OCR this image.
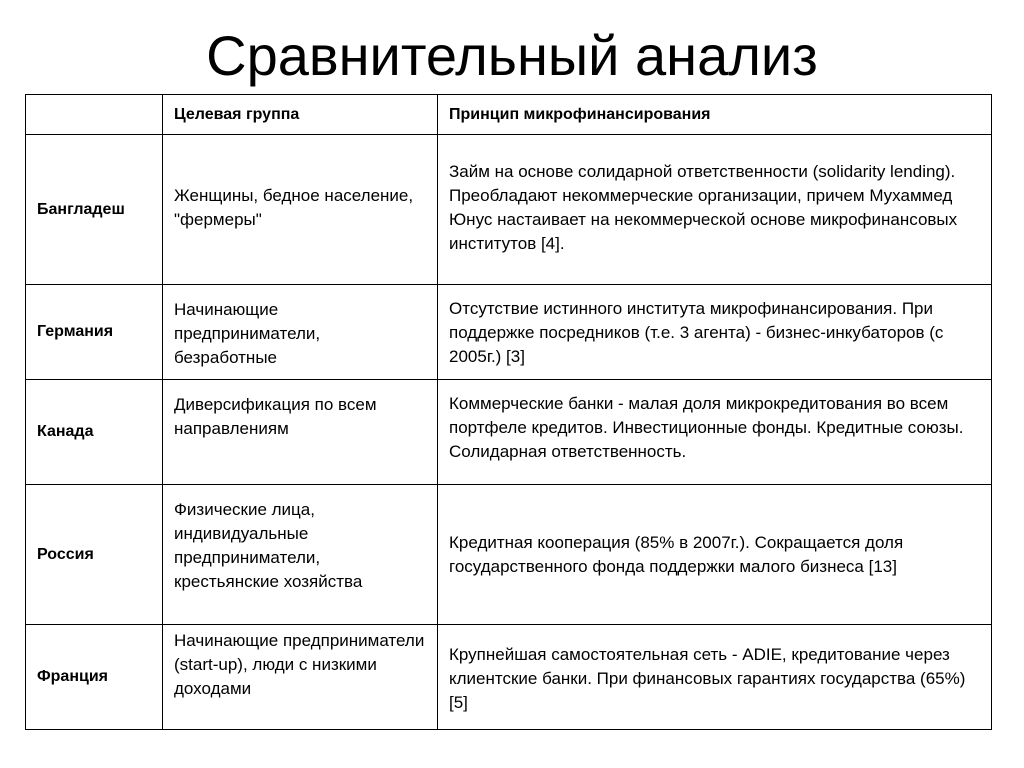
Сравнительный анализ
	Целевая группа	Принцип микрофинансирования
Бангладеш	Женщины, бедное население, "фермеры"	Займ на основе солидарной ответственности (solidarity lending). Преобладают некоммерческие организации, причем Мухаммед Юнус настаивает на некоммерческой основе микрофинансовых институтов [4].
Германия	Начинающие предприниматели, безработные	Отсутствие истинного института микрофинансирования. При поддержке посредников (т.е. 3 агента) - бизнес-инкубаторов (с 2005г.) [3]
Канада	Диверсификация по всем направлениям	Коммерческие банки - малая доля микрокредитования во всем портфеле кредитов. Инвестиционные фонды. Кредитные союзы. Солидарная ответственность.
Россия	Физические лица, индивидуальные предприниматели, крестьянские хозяйства	Кредитная кооперация (85% в 2007г.). Сокращается доля государственного фонда поддержки малого бизнеса [13]
Франция	Начинающие предприниматели (start-up), люди с низкими доходами	Крупнейшая самостоятельная сеть - ADIE, кредитование через клиентские банки. При финансовых гарантиях государства (65%) [5]
